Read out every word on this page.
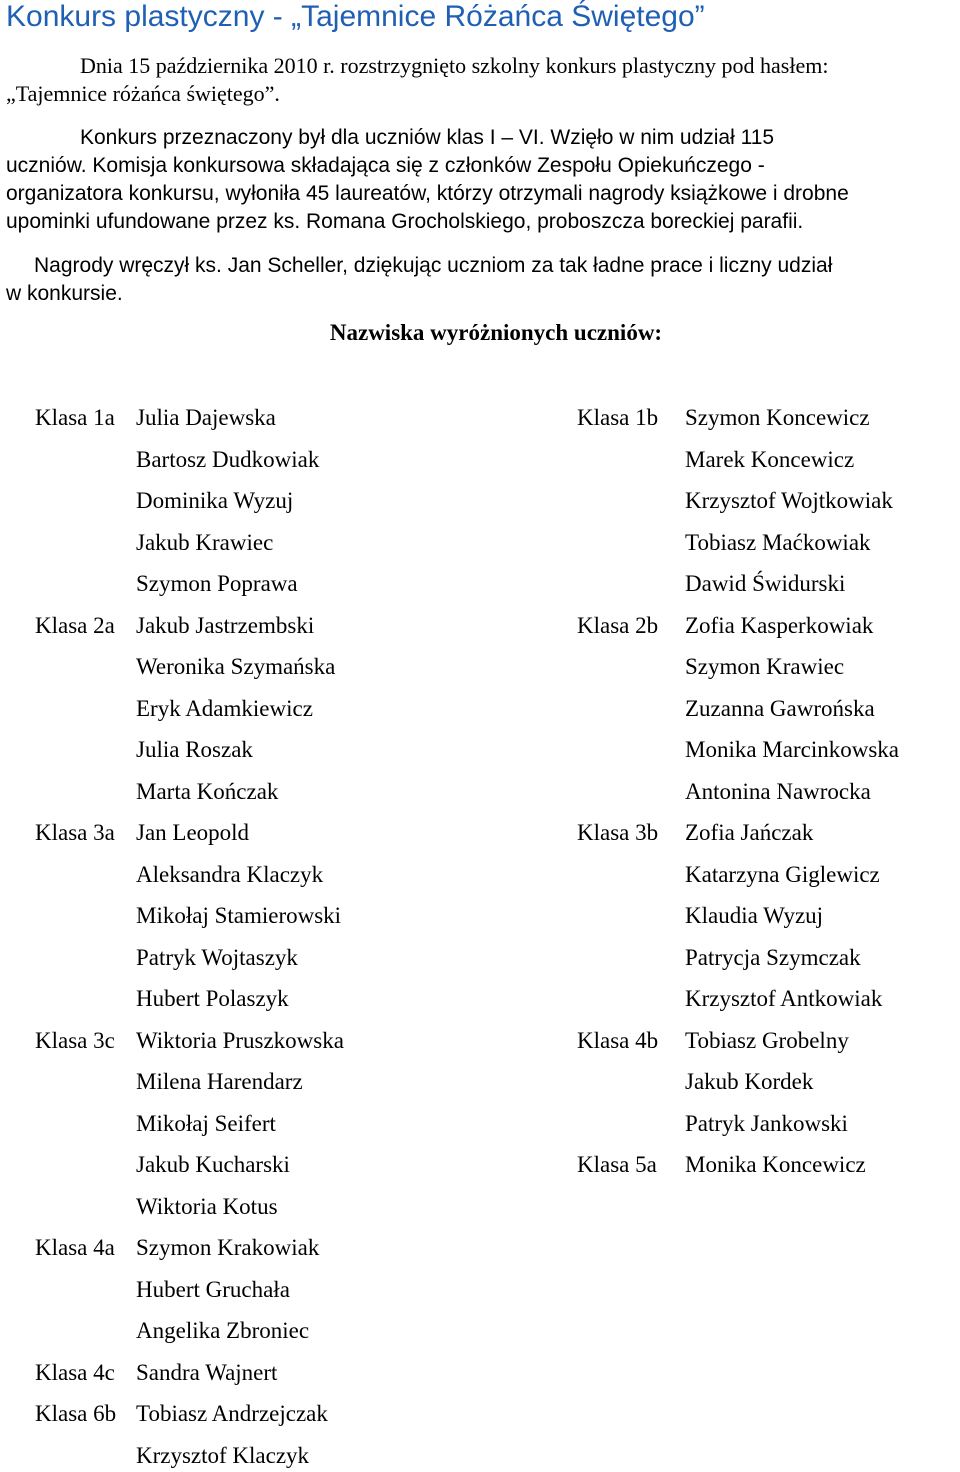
Konkurs plastyczny - „Tajemnice Różańca Świętego”
Dnia 15 października 2010 r. rozstrzygnięto szkolny konkurs plastyczny pod hasłem:
„Tajemnice różańca świętego”.
Konkurs przeznaczony był dla uczniów klas I – VI. Wzięło w nim udział 115
uczniów. Komisja konkursowa składająca się z członków Zespołu Opiekuńczego -
organizatora konkursu, wyłoniła 45 laureatów, którzy otrzymali nagrody książkowe i drobne
upominki ufundowane przez ks. Romana Grocholskiego, proboszcza boreckiej parafii.
Nagrody wręczył ks. Jan Scheller, dziękując uczniom za tak ładne prace i liczny udział
w konkursie.
Nazwiska wyróżnionych uczniów:
Klasa 1a Julia Dajewska
Bartosz Dudkowiak
Dominika Wyzuj
Jakub Krawiec
Szymon Poprawa
Klasa 2a Jakub Jastrzembski
Weronika Szymańska
Eryk Adamkiewicz
Julia Roszak
Marta Kończak
Klasa 3a Jan Leopold
Aleksandra Klaczyk
Mikołaj Stamierowski
Patryk Wojtaszyk
Hubert Polaszyk
Klasa 3c Wiktoria Pruszkowska
Milena Harendarz
Mikołaj Seifert
Jakub Kucharski
Wiktoria Kotus
Klasa 4a Szymon Krakowiak
Hubert Gruchała
Angelika Zbroniec
Klasa 4c Sandra Wajnert
Klasa 6b Tobiasz Andrzejczak
Krzysztof Klaczyk
Klasa 1b Szymon Koncewicz
Marek Koncewicz
Krzysztof Wojtkowiak
Tobiasz Maćkowiak
Dawid Świdurski
Klasa 2b Zofia Kasperkowiak
Szymon Krawiec
Zuzanna Gawrońska
Monika Marcinkowska
Antonina Nawrocka
Klasa 3b Zofia Jańczak
Katarzyna Giglewicz
Klaudia Wyzuj
Patrycja Szymczak
Krzysztof Antkowiak
Klasa 4b Tobiasz Grobelny
Jakub Kordek
Patryk Jankowski
Klasa 5a Monika Koncewicz
